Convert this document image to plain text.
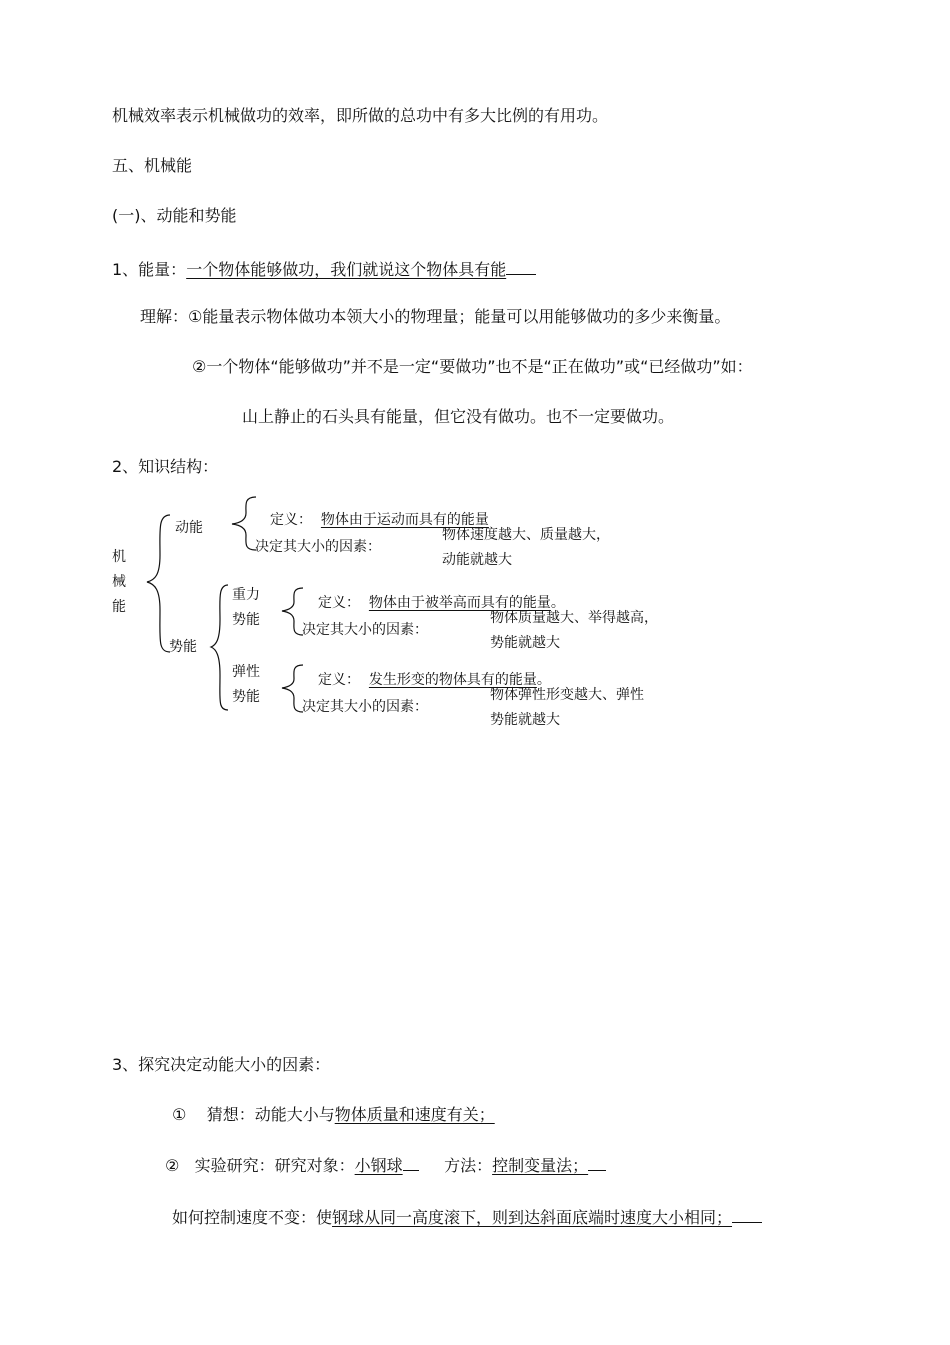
机械效率表示机械做功的效率，即所做的总功中有多大比例的有用功。
五、机械能
(一)、动能和势能
1、能量：一个物体能够做功，我们就说这个物体具有能
理解：①能量表示物体做功本领大小的物理量；能量可以用能够做功的多少来衡量。
②一个物体“能够做功”并不是一定“要做功”也不是“正在做功”或“已经做功”如：
山上静止的石头具有能量，但它没有做功。也不一定要做功。
2、知识结构：
机
械
能
动能	定义： 物体由于运动而具有的能量
决定其大小的因素：
物体速度越大、质量越大，
动能就越大
势能
重力
势能
定义： 物体由于被举高而具有的能量。
决定其大小的因素：
物体质量越大、举得越高，
势能就越大
弹性
势能
定义： 发生形变的物体具有的能量。
决定其大小的因素：
物体弹性形变越大、弹性
势能就越大
3、探究决定动能大小的因素：
① 猜想：动能大小与物体质量和速度有关；
② 实验研究：研究对象：小钢球	方法：控制变量法；
如何控制速度不变：使钢球从同一高度滚下，则到达斜面底端时速度大小相同；
